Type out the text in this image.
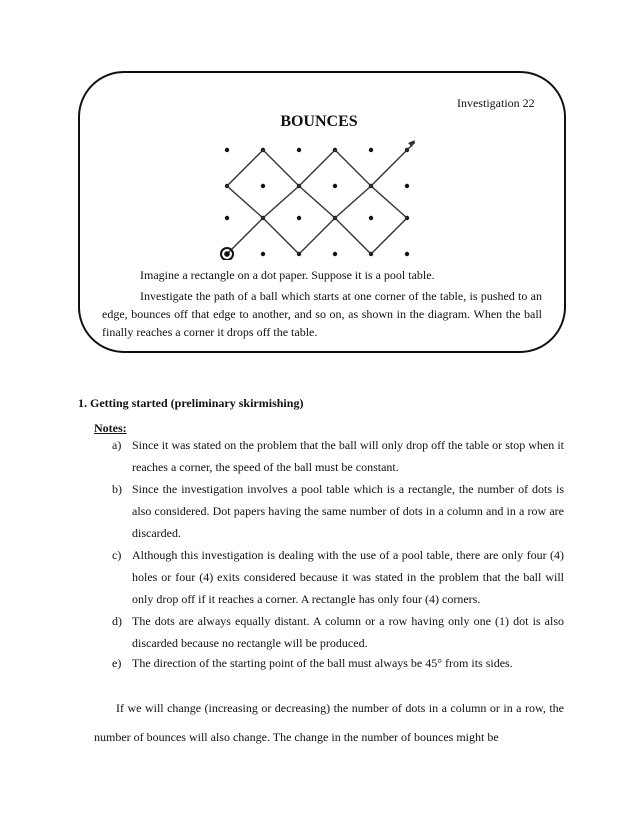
Investigation 22
BOUNCES
Imagine a rectangle on a dot paper. Suppose it is a pool table.
Investigate the path of a ball which starts at one corner of the table, is pushed to an edge, bounces off that edge to another, and so on, as shown in the diagram. When the ball finally reaches a corner it drops off the table.
1. Getting started (preliminary skirmishing)
Notes:
a) Since it was stated on the problem that the ball will only drop off the table or stop when it reaches a corner, the speed of the ball must be constant.
b) Since the investigation involves a pool table which is a rectangle, the number of dots is also considered. Dot papers having the same number of dots in a column and in a row are discarded.
c) Although this investigation is dealing with the use of a pool table, there are only four (4) holes or four (4) exits considered because it was stated in the problem that the ball will only drop off if it reaches a corner. A rectangle has only four (4) corners.
d) The dots are always equally distant. A column or a row having only one (1) dot is also discarded because no rectangle will be produced.
e) The direction of the starting point of the ball must always be 45° from its sides.
If we will change (increasing or decreasing) the number of dots in a column or in a row, the number of bounces will also change. The change in the number of bounces might be
